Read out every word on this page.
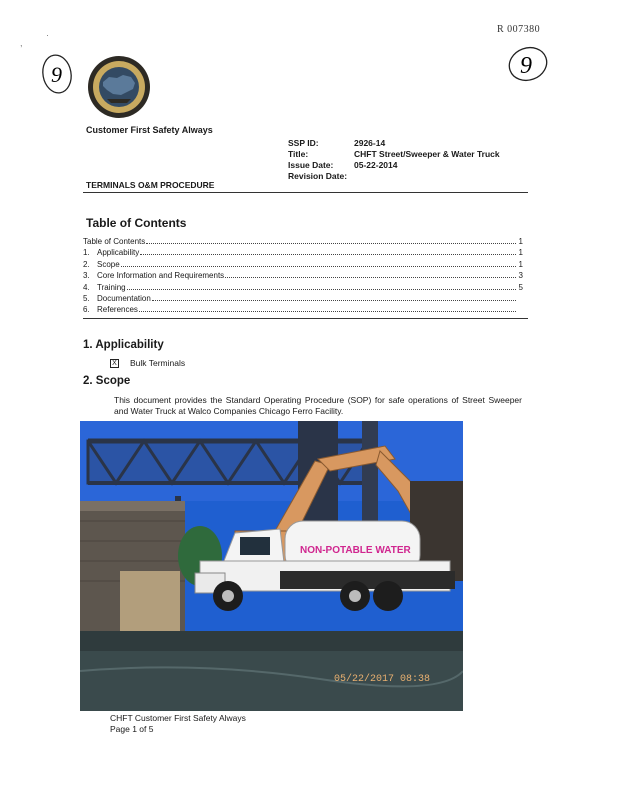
R 007380
,
·
9	9
Customer First Safety Always
SSP ID:	2926-14
Title:	CHFT Street/Sweeper & Water Truck
Issue Date:	05-22-2014
Revision Date:
TERMINALS O&M PROCEDURE
Table of Contents
Table of Contents	1
1. Applicability	1
2. Scope	1
3. Core Information and Requirements	3
4. Training	5
5. Documentation
6. References
1. Applicability
X Bulk Terminals
2. Scope
This document provides the Standard Operating Procedure (SOP) for safe operations of Street Sweeper and Water Truck at Walco Companies Chicago Ferro Facility.
NON-POTABLE WATER
05/22/2017 08:38
CHFT Customer First Safety Always
Page 1 of 5
